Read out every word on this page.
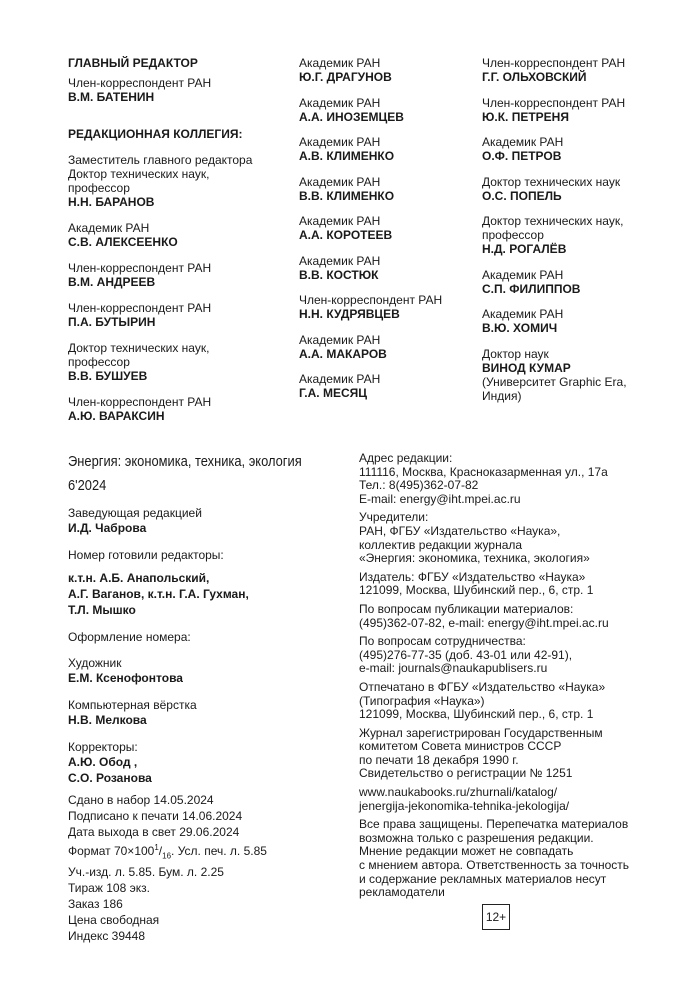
ГЛАВНЫЙ РЕДАКТОР
Член-корреспондент РАН
В.М. БАТЕНИН
РЕДАКЦИОННАЯ КОЛЛЕГИЯ:
Заместитель главного редактора
Доктор технических наук,
профессор
Н.Н. БАРАНОВ
Академик РАН
С.В. АЛЕКСЕЕНКО
Член-корреспондент РАН
В.М. АНДРЕЕВ
Член-корреспондент РАН
П.А. БУТЫРИН
Доктор технических наук,
профессор
В.В. БУШУЕВ
Член-корреспондент РАН
А.Ю. ВАРАКСИН
Академик РАН
Ю.Г. ДРАГУНОВ
Академик РАН
А.А. ИНОЗЕМЦЕВ
Академик РАН
А.В. КЛИМЕНКО
Академик РАН
В.В. КЛИМЕНКО
Академик РАН
А.А. КОРОТЕЕВ
Академик РАН
В.В. КОСТЮК
Член-корреспондент РАН
Н.Н. КУДРЯВЦЕВ
Академик РАН
А.А. МАКАРОВ
Академик РАН
Г.А. МЕСЯЦ
Член-корреспондент РАН
Г.Г. ОЛЬХОВСКИЙ
Член-корреспондент РАН
Ю.К. ПЕТРЕНЯ
Академик РАН
О.Ф. ПЕТРОВ
Доктор технических наук
О.С. ПОПЕЛЬ
Доктор технических наук,
профессор
Н.Д. РОГАЛЁВ
Академик РАН
С.П. ФИЛИППОВ
Академик РАН
В.Ю. ХОМИЧ
Доктор наук
ВИНОД КУМАР
(Университет Graphic Era,
Индия)
Энергия: экономика, техника, экология
6'2024
Заведующая редакцией
И.Д. Чаброва
Номер готовили редакторы:
к.т.н. А.Б. Анапольский,
А.Г. Ваганов, к.т.н. Г.А. Гухман,
Т.Л. Мышко
Оформление номера:
Художник
Е.М. Ксенофонтова
Компьютерная вёрстка
Н.В. Мелкова
Корректоры:
А.Ю. Обод ,
С.О. Розанова
Сдано в набор 14.05.2024
Подписано к печати 14.06.2024
Дата выхода в свет 29.06.2024
Формат $70\times 100^1/_{16}$. Усл. печ. л. 5.85
Уч.-изд. л. 5.85. Бум. л. 2.25
Тираж 108 экз.
Заказ 186
Цена свободная
Индекс 39448
Адрес редакции:
111116, Москва, Красноказарменная ул., 17а
Тел.: 8(495)362-07-82
E-mail: energy@iht.mpei.ac.ru
Учредители:
РАН, ФГБУ «Издательство «Наука»,
коллектив редакции журнала
«Энергия: экономика, техника, экология»
Издатель: ФГБУ «Издательство «Наука»
121099, Москва, Шубинский пер., 6, стр. 1
По вопросам публикации материалов:
(495)362-07-82, e-mail: energy@iht.mpei.ac.ru
По вопросам сотрудничества:
(495)276-77-35 (доб. 43-01 или 42-91),
e-mail: journals@naukapublisers.ru
Отпечатано в ФГБУ «Издательство «Наука»
(Типография «Наука»)
121099, Москва, Шубинский пер., 6, стр. 1
Журнал зарегистрирован Государственным
комитетом Совета министров СССР
по печати 18 декабря 1990 г.
Свидетельство о регистрации № 1251
www.naukabooks.ru/zhurnali/katalog/
jenergija-jekonomika-tehnika-jekologija/
Все права защищены. Перепечатка материалов
возможна только с разрешения редакции.
Мнение редакции может не совпадать
с мнением автора. Ответственность за точность
и содержание рекламных материалов несут
рекламодатели
12+
